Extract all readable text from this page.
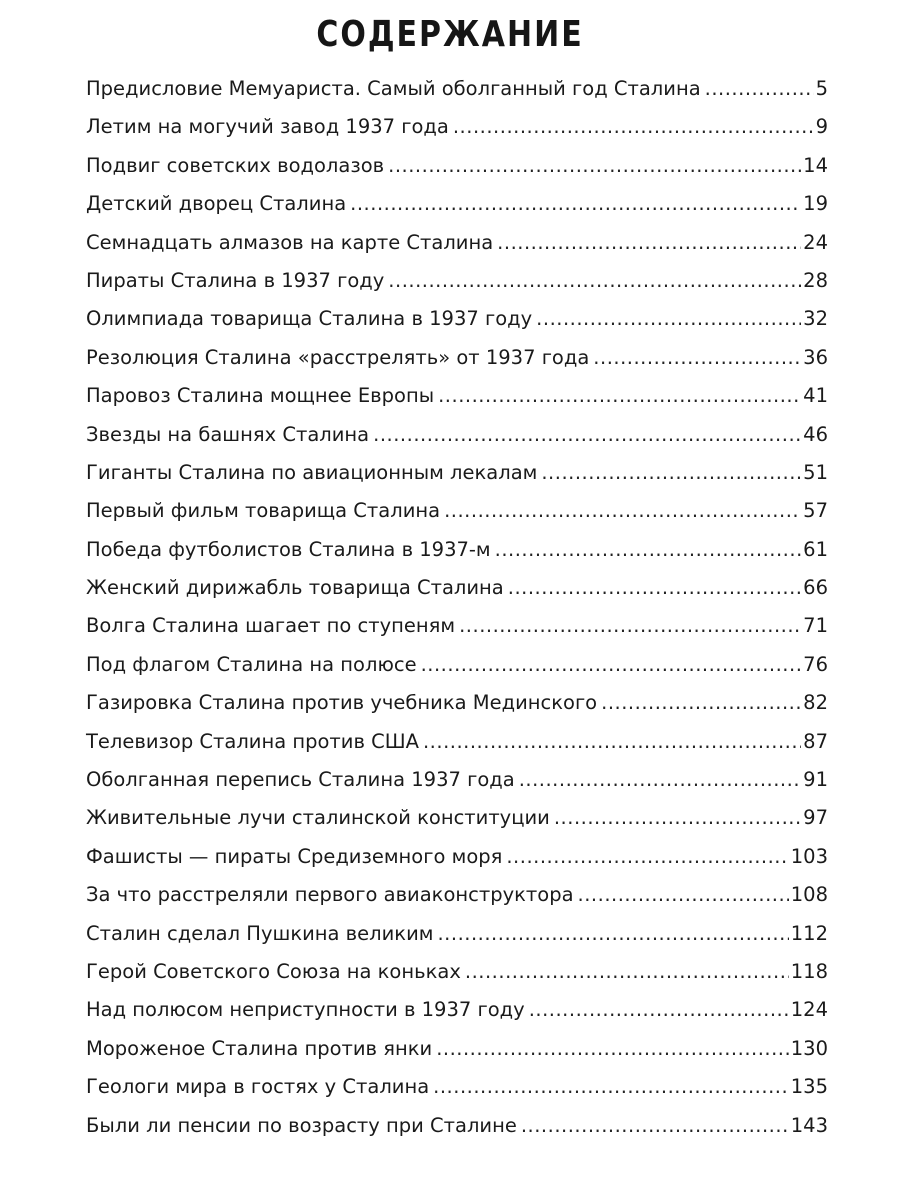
СОДЕРЖАНИЕ
Предисловие Мемуариста. Самый оболганный год Сталина .....	5
Летим на могучий завод 1937 года .....	9
Подвиг советских водолазов .....	14
Детский дворец Сталина .....	19
Семнадцать алмазов на карте Сталина .....	24
Пираты Сталина в 1937 году .....	28
Олимпиада товарища Сталина в 1937 году .....	32
Резолюция Сталина «расстрелять» от 1937 года .....	36
Паровоз Сталина мощнее Европы .....	41
Звезды на башнях Сталина .....	46
Гиганты Сталина по авиационным лекалам .....	51
Первый фильм товарища Сталина .....	57
Победа футболистов Сталина в 1937-м .....	61
Женский дирижабль товарища Сталина .....	66
Волга Сталина шагает по ступеням .....	71
Под флагом Сталина на полюсе .....	76
Газировка Сталина против учебника Мединского .....	82
Телевизор Сталина против США .....	87
Оболганная перепись Сталина 1937 года .....	91
Живительные лучи сталинской конституции .....	97
Фашисты — пираты Средиземного моря .....	103
За что расстреляли первого авиаконструктора .....	108
Сталин сделал Пушкина великим .....	112
Герой Советского Союза на коньках .....	118
Над полюсом неприступности в 1937 году .....	124
Мороженое Сталина против янки .....	130
Геологи мира в гостях у Сталина .....	135
Были ли пенсии по возрасту при Сталине .....	143
